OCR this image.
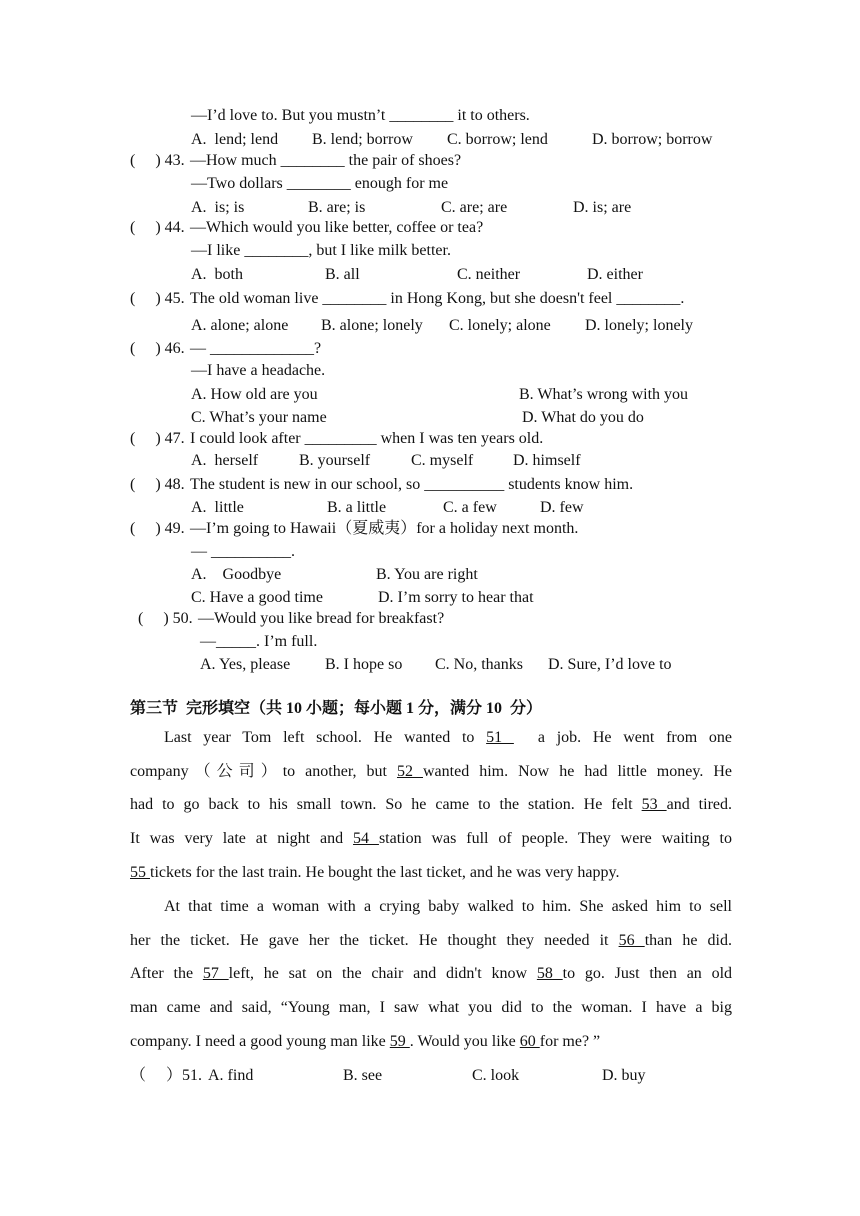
—I’d love to. But you mustn’t ________ it to others.
A.  lend; lend B. lend; borrow C. borrow; lend	D. borrow; borrow
(     ) 43. —How much ________ the pair of shoes?
—Two dollars ________ enough for me
A.  is; is	B. are; is	C. are; are	D. is; are
(     ) 44. —Which would you like better, coffee or tea?
—I like ________, but I like milk better.
A.  both	B. all	C. neither	D. either
(     ) 45. The old woman live ________ in Hong Kong, but she doesn't feel ________.
A. alone; alone B. alone; lonely C. lonely; alone D. lonely; lonely
(     ) 46. — _____________?
—I have a headache.
A. How old are you	B. What’s wrong with you
C. What’s your name	D. What do you do
(     ) 47. I could look after _________ when I was ten years old.
A.  herself	B. yourself	C. myself D. himself
(     ) 48. The student is new in our school, so __________ students know him.
A.  little	B. a little	C. a few	D. few
(     ) 49. —I’m going to Hawaii（夏威夷）for a holiday next month.
— __________.
A.    Goodbye	B. You are right
C. Have a good time	D. I’m sorry to hear that
(     ) 50. —Would you like bread for breakfast?
—_____. I’m full.
A. Yes, please B. I hope so C. No, thanks D. Sure, I’d love to
第三节  完形填空（共 10 小题；每小题 1 分，满分 10  分）
Last year Tom left school. He wanted to 51    a job. He went from one
company（公司）to another, but 52 wanted him. Now he had little money. He
had to go back to his small town. So he came to the station. He felt 53 and tired.
It was very late at night and 54 station was full of people. They were waiting to
55 tickets for the last train. He bought the last ticket, and he was very happy.
At that time a woman with a crying baby walked to him. She asked him to sell
her the ticket. He gave her the ticket. He thought they needed it 56 than he did.
After the 57 left, he sat on the chair and didn't know 58 to go. Just then an old
man came and said, “Young man, I saw what you did to the woman. I have a big
company. I need a good young man like 59 . Would you like 60 for me? ”
（     ）51. A. find	B. see	C. look	D. buy
